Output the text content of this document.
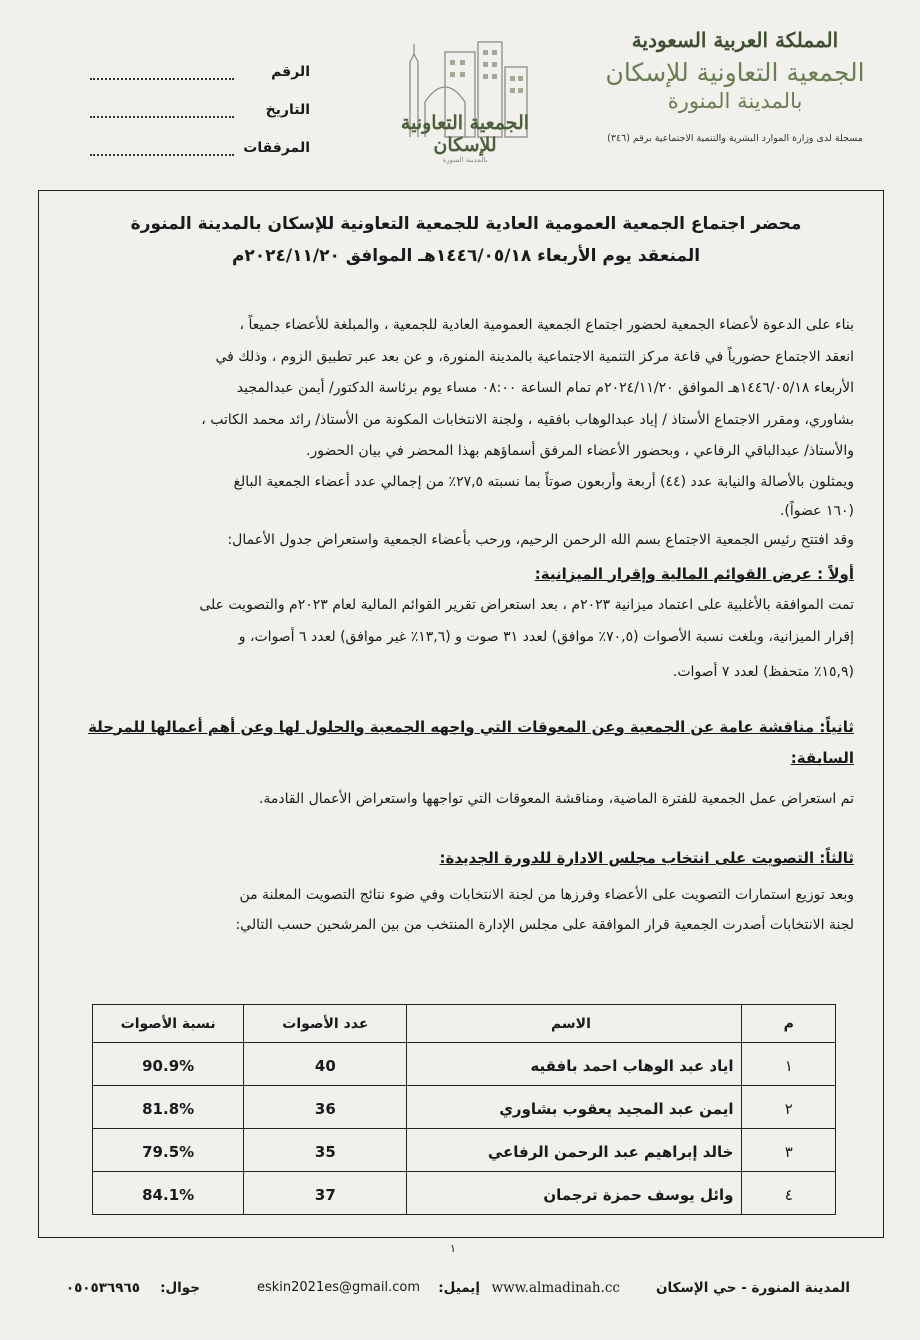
المملكة العربية السعودية
الجمعية التعاونية للإسكان
بالمدينة المنورة
مسجلة لدى وزارة الموارد البشرية والتنمية الاجتماعية برقم (٣٤٦)
الجمعية التعاونية
للإسكان
بالمدينة المنورة
الرقم
التاريخ
المرفقات
محضر اجتماع الجمعية العمومية العادية للجمعية التعاونية للإسكان بالمدينة المنورة
المنعقد يوم الأربعاء ١٤٤٦/٠٥/١٨هـ الموافق ٢٠٢٤/١١/٢٠م

بناء على الدعوة لأعضاء الجمعية لحضور اجتماع الجمعية العمومية العادية للجمعية ، والمبلغة للأعضاء جميعاً ،

انعقد الاجتماع حضورياً في قاعة مركز التنمية الاجتماعية بالمدينة المنورة، و عن بعد عبر تطبيق الزوم ، وذلك في

الأربعاء ١٤٤٦/٠٥/١٨هـ الموافق ٢٠٢٤/١١/٢٠م تمام الساعة ٠٨:٠٠ مساء يوم برئاسة الدكتور/ أيمن عبدالمجيد

بشاوري، ومقرر الاجتماع الأستاذ / إياد عبدالوهاب بافقيه ، ولجنة الانتخابات المكونة من الأستاذ/ رائد محمد الكاتب ،

والأستاذ/ عبدالباقي الرفاعي ، وبحضور الأعضاء المرفق أسماؤهم بهذا المحضر في بيان الحضور.

ويمثلون بالأصالة والنيابة عدد (٤٤) أربعة وأربعون صوتاً بما نسبته ٢٧,٥٪ من إجمالي عدد أعضاء الجمعية البالغ

(١٦٠ عضواً).

وقد افتتح رئيس الجمعية الاجتماع بسم الله الرحمن الرحيم، ورحب بأعضاء الجمعية واستعراض جدول الأعمال:

أولاً : عرض القوائم المالية وإقرار الميزانية:

تمت الموافقة بالأغلبية على اعتماد ميزانية ٢٠٢٣م ، بعد استعراض تقرير القوائم المالية لعام ٢٠٢٣م والتصويت على

إقرار الميزانية، وبلغت نسبة الأصوات (٧٠,٥٪ موافق) لعدد ٣١ صوت و (١٣,٦٪ غير موافق) لعدد ٦ أصوات، و

(١٥,٩٪ متحفظ) لعدد ٧ أصوات.

ثانياً: مناقشة عامة عن الجمعية وعن المعوقات التي واجهه الجمعية والحلول لها وعن أهم أعمالها للمرحلة

السابقة:

تم استعراض عمل الجمعية للفترة الماضية، ومناقشة المعوقات التي تواجهها واستعراض الأعمال القادمة.

ثالثاً: التصويت على انتخاب مجلس الادارة للدورة الجديدة:

وبعد توزيع استمارات التصويت على الأعضاء وفرزها من لجنة الانتخابات وفي ضوء نتائج التصويت المعلنة من

لجنة الانتخابات أصدرت الجمعية قرار الموافقة على مجلس الإدارة المنتخب من بين المرشحين حسب التالي:

م	الاسم	عدد الأصوات	نسبة الأصوات
١	اياد عبد الوهاب احمد بافقيه	40	90.9%
٢	ايمن عبد المجيد يعقوب بشاوري	36	81.8%
٣	خالد إبراهيم عبد الرحمن الرفاعي	35	79.5%
٤	وائل يوسف حمزة ترجمان	37	84.1%
١
المدينة المنورة - حي الإسكان
www.almadinah.cc
إيميل:
eskin2021es@gmail.com
جوال:
٠٥٠٥٣٦٩٦٥
